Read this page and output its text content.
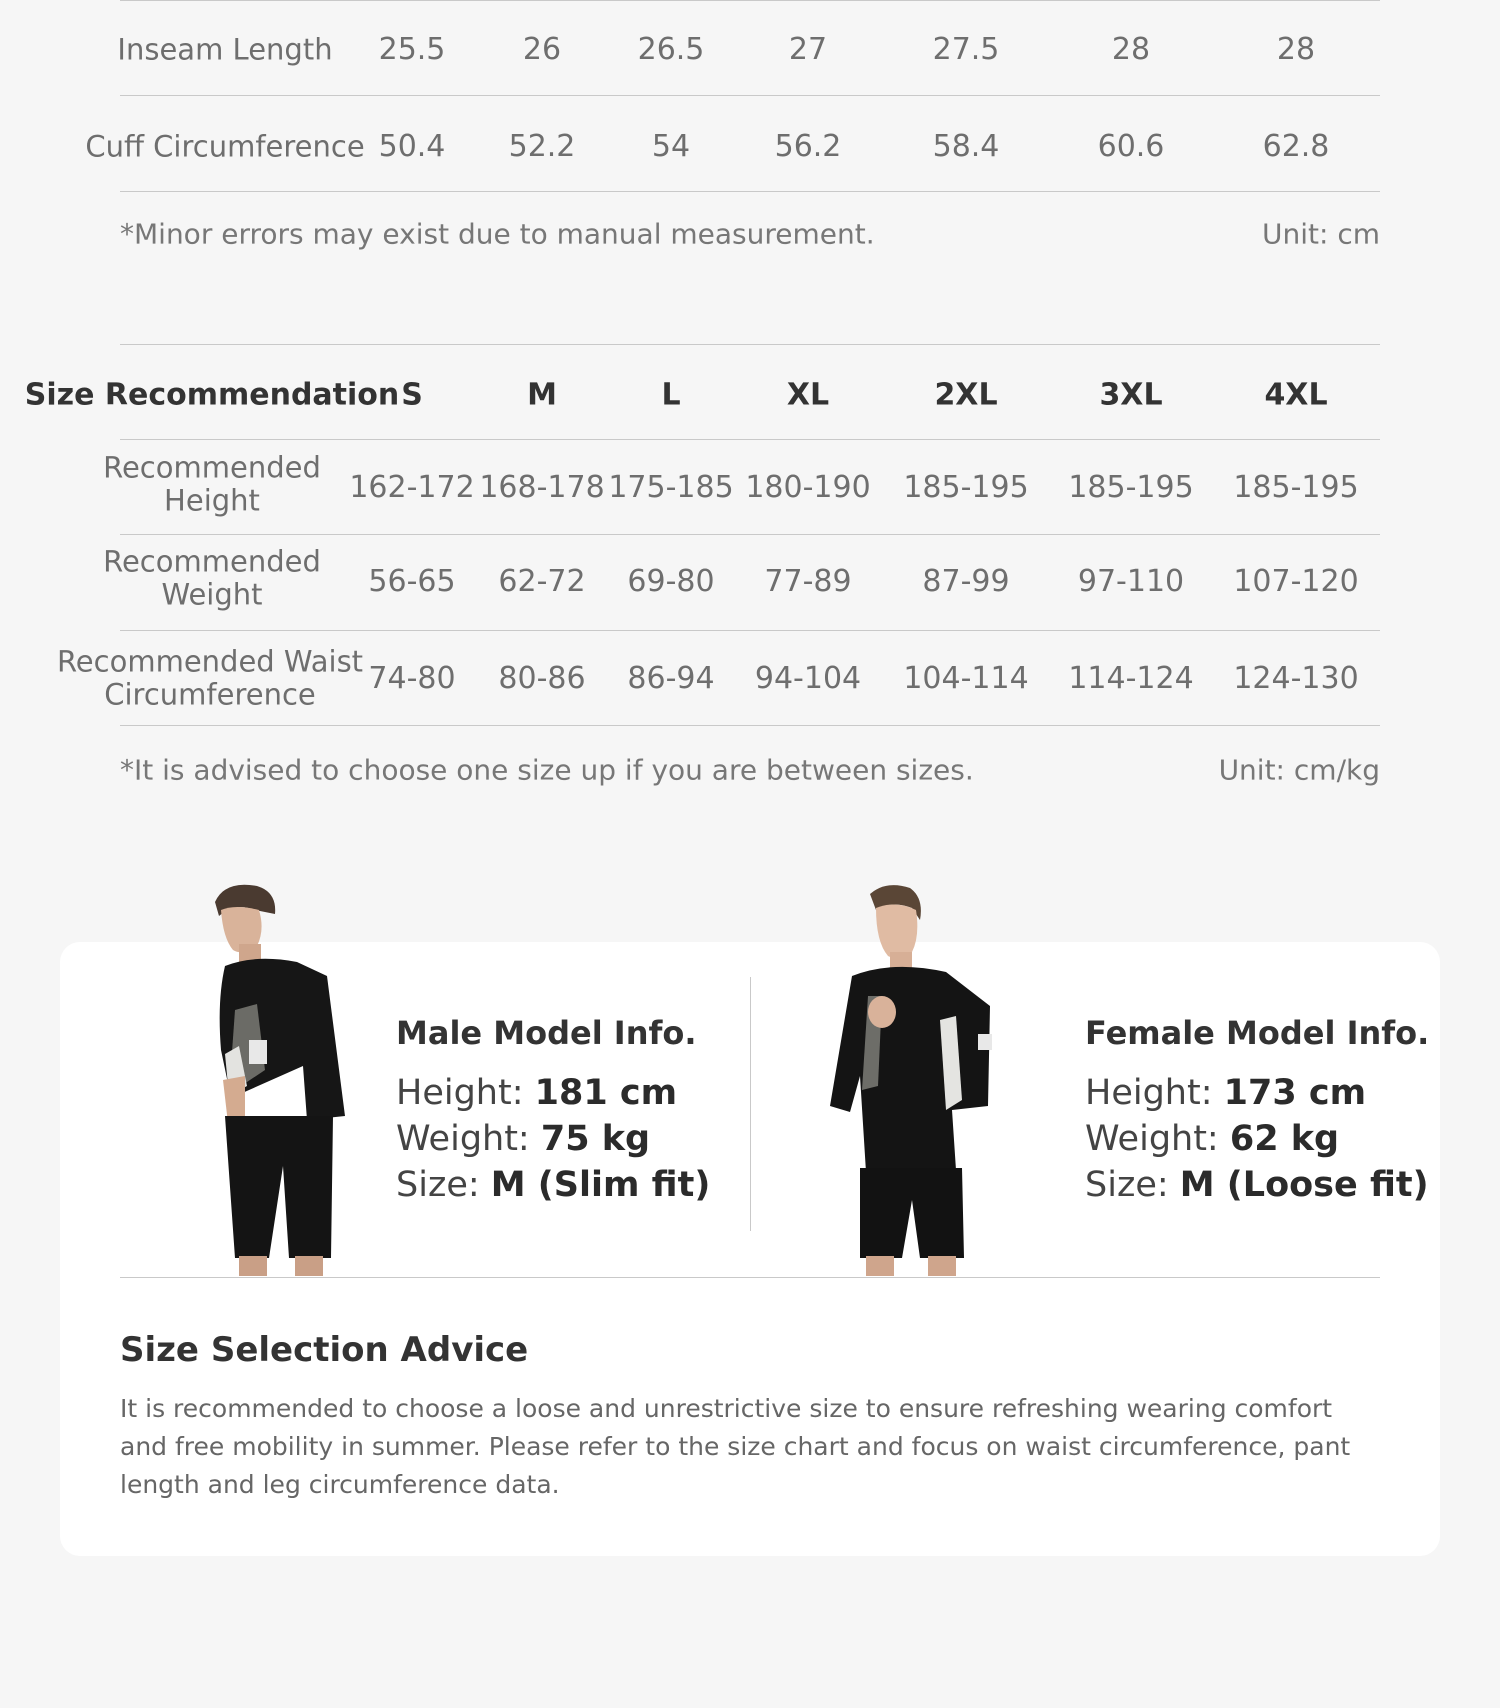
Inseam Length 25.5	26	26.5	27	27.5	28	28
Cuff Circumference 50.4 52.2	54	56.2	58.4	60.6	62.8
*Minor errors may exist due to manual measurement.	Unit: cm
Size Recommendation S	M	L	XL	2XL	3XL	4XL
Recommended
Height	162-172 168-178 175-185 180-190 185-195 185-195 185-195
Recommended
Weight	56-65 62-72 69-80 77-89 87-99 97-110 107-120
Recommended Waist
Circumference	74-80 80-86 86-94 94-104 104-114 114-124 124-130
*It is advised to choose one size up if you are between sizes.	Unit: cm/kg
Male Model Info.
Height: 181 cm
Weight: 75 kg
Size: M (Slim fit)
Female Model Info.
Height: 173 cm
Weight: 62 kg
Size: M (Loose fit)
Size Selection Advice
It is recommended to choose a loose and unrestrictive size to ensure refreshing wearing comfort and free mobility in summer. Please refer to the size chart and focus on waist circumference, pant length and leg circumference data.
